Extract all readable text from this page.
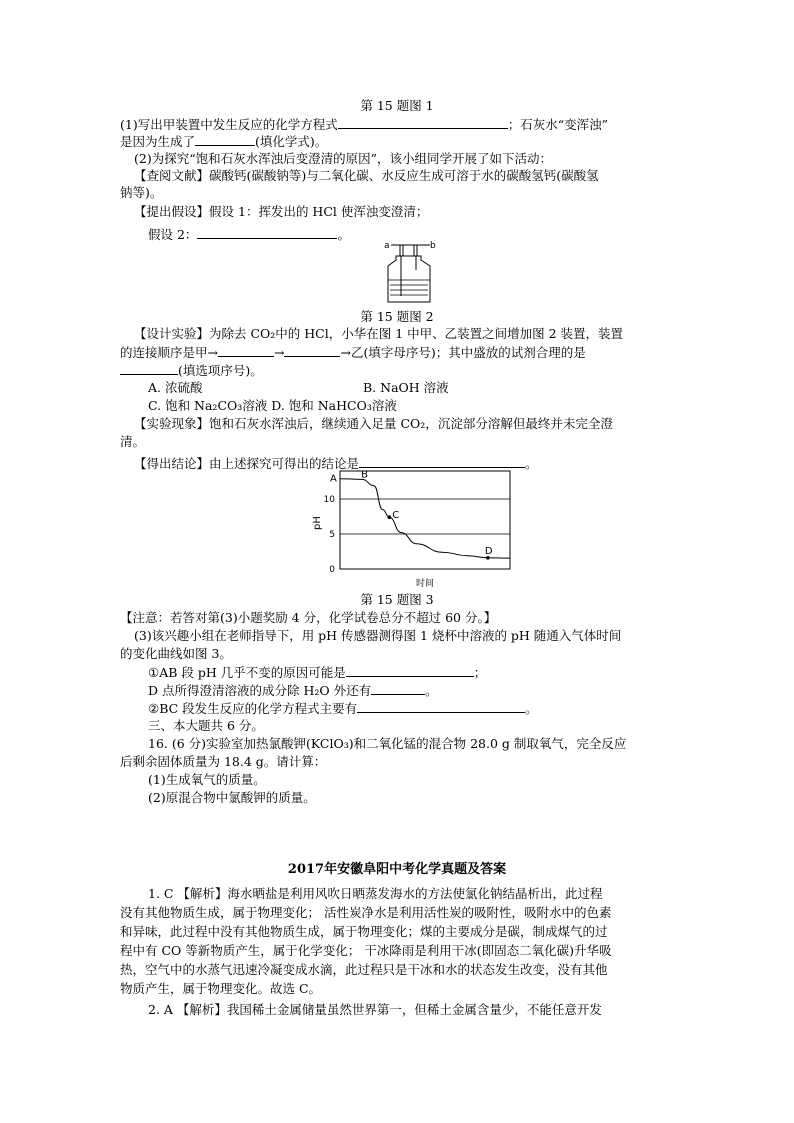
第 15 题图 1
(1)写出甲装置中发生反应的化学方程式	；石灰水“变浑浊”
是因为生成了	(填化学式)。
(2)为探究“饱和石灰水浑浊后变澄清的原因”，该小组同学开展了如下活动：
【查阅文献】碳酸钙(碳酸钠等)与二氧化碳、水反应生成可溶于水的碳酸氢钙(碳酸氢
钠等)。
【提出假设】假设 1：挥发出的 HCl 使浑浊变澄清；
假设 2：	。
a	b
第 15 题图 2
【设计实验】为除去 CO₂中的 HCl，小华在图 1 中甲、乙装置之间增加图 2 装置，装置
的连接顺序是甲→	→	→乙(填字母序号)；其中盛放的试剂合理的是
(填选项序号)。
A. 浓硫酸	B. NaOH 溶液
C. 饱和 Na₂CO₃溶液 D. 饱和 NaHCO₃溶液
【实验现象】饱和石灰水浑浊后，继续通入足量 CO₂，沉淀部分溶解但最终并未完全澄
清。
【得出结论】由上述探究可得出的结论是	。
0
5
10
pH
A B
C
D
时间
第 15 题图 3
【注意：若答对第(3)小题奖励 4 分，化学试卷总分不超过 60 分。】
(3)该兴趣小组在老师指导下，用 pH 传感器测得图 1 烧杯中溶液的 pH 随通入气体时间
的变化曲线如图 3。
①AB 段 pH 几乎不变的原因可能是	；
D 点所得澄清溶液的成分除 H₂O 外还有	。
②BC 段发生反应的化学方程式主要有	。
三、本大题共 6 分。
16. (6 分)实验室加热氯酸钾(KClO₃)和二氧化锰的混合物 28.0 g 制取氧气，完全反应
后剩余固体质量为 18.4 g。请计算：
(1)生成氧气的质量。
(2)原混合物中氯酸钾的质量。
2017年安徽阜阳中考化学真题及答案
1. C 【解析】海水晒盐是利用风吹日晒蒸发海水的方法使氯化钠结晶析出，此过程
没有其他物质生成，属于物理变化； 活性炭净水是利用活性炭的吸附性，吸附水中的色素
和异味，此过程中没有其他物质生成，属于物理变化；煤的主要成分是碳，制成煤气的过
程中有 CO 等新物质产生，属于化学变化； 干冰降雨是利用干冰(即固态二氧化碳)升华吸
热，空气中的水蒸气迅速冷凝变成水滴，此过程只是干冰和水的状态发生改变，没有其他
物质产生，属于物理变化。故选 C。
2. A 【解析】我国稀土金属储量虽然世界第一，但稀土金属含量少，不能任意开发
